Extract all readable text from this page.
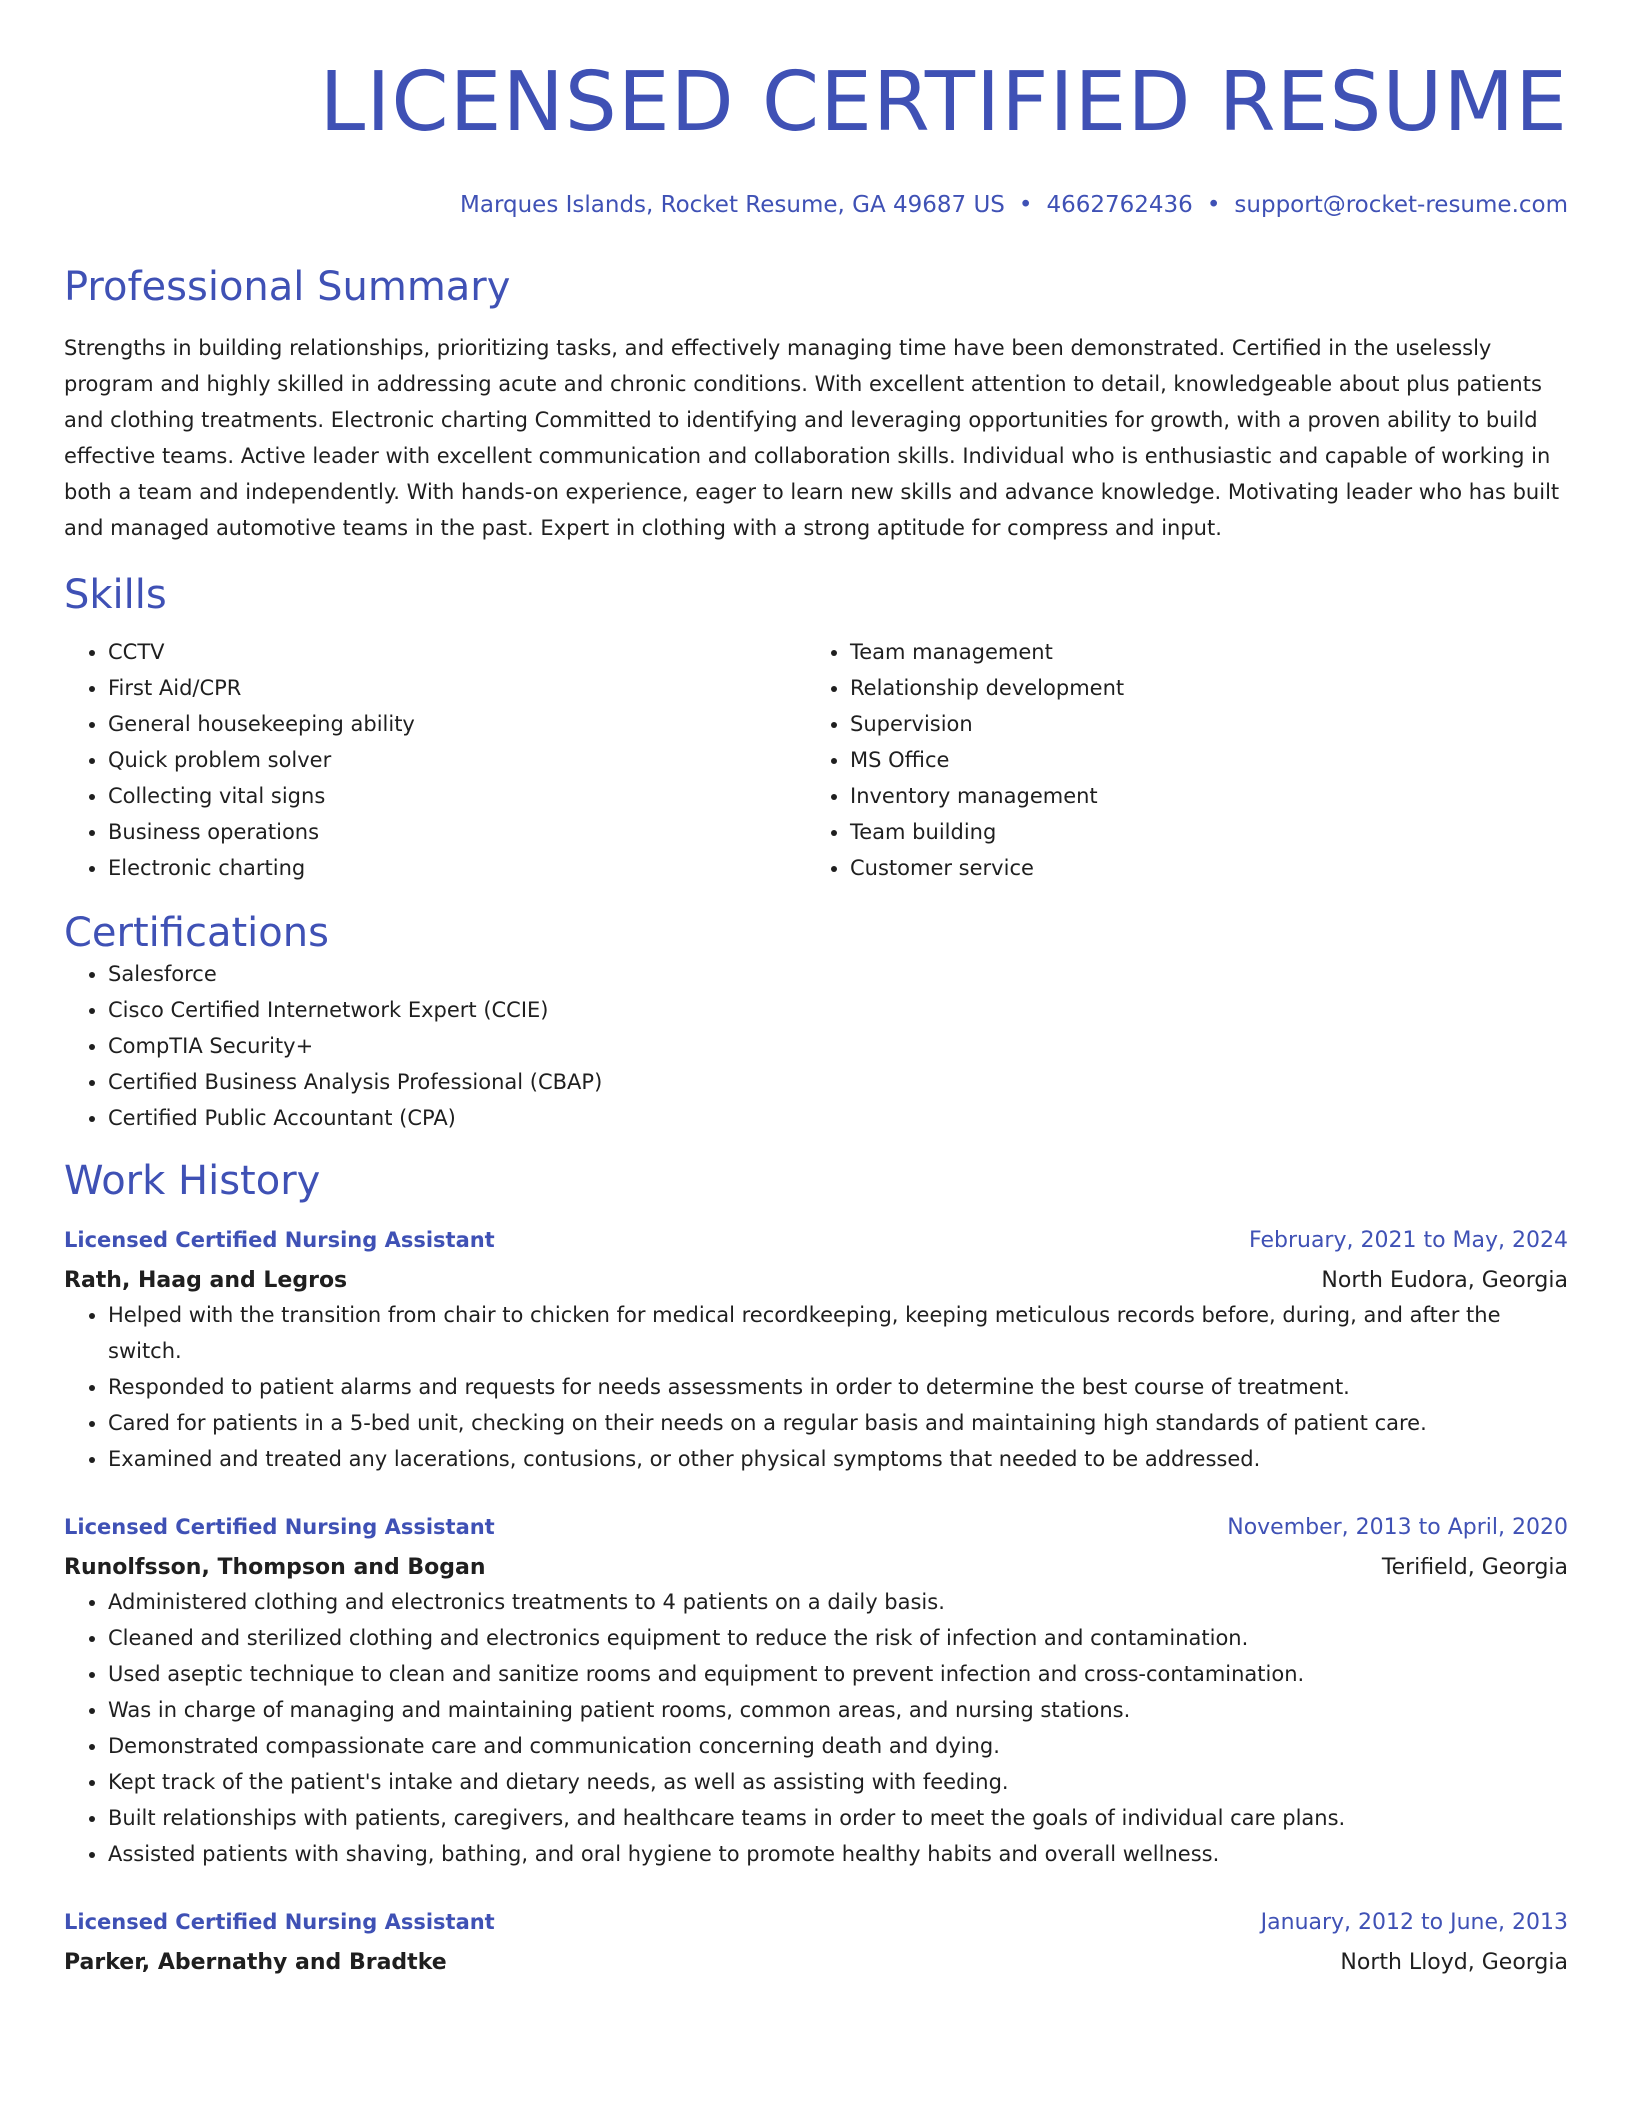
LICENSED CERTIFIED RESUME
Marques Islands, Rocket Resume, GA 49687 US • 4662762436 • support@rocket-resume.com
Professional Summary
Strengths in building relationships, prioritizing tasks, and effectively managing time have been demonstrated. Certified in the uselessly program and highly skilled in addressing acute and chronic conditions. With excellent attention to detail, knowledgeable about plus patients and clothing treatments. Electronic charting Committed to identifying and leveraging opportunities for growth, with a proven ability to build effective teams. Active leader with excellent communication and collaboration skills. Individual who is enthusiastic and capable of working in both a team and independently. With hands-on experience, eager to learn new skills and advance knowledge. Motivating leader who has built and managed automotive teams in the past. Expert in clothing with a strong aptitude for compress and input.
Skills
• CCTV
• First Aid/CPR
• General housekeeping ability
• Quick problem solver
• Collecting vital signs
• Business operations
• Electronic charting
• Team management
• Relationship development
• Supervision
• MS Office
• Inventory management
• Team building
• Customer service
Certifications
• Salesforce
• Cisco Certified Internetwork Expert (CCIE)
• CompTIA Security+
• Certified Business Analysis Professional (CBAP)
• Certified Public Accountant (CPA)
Work History
Licensed Certified Nursing Assistant	February, 2021 to May, 2024
Rath, Haag and Legros	North Eudora, Georgia
• Helped with the transition from chair to chicken for medical recordkeeping, keeping meticulous records before, during, and after the switch.
• Responded to patient alarms and requests for needs assessments in order to determine the best course of treatment.
• Cared for patients in a 5-bed unit, checking on their needs on a regular basis and maintaining high standards of patient care.
• Examined and treated any lacerations, contusions, or other physical symptoms that needed to be addressed.
Licensed Certified Nursing Assistant	November, 2013 to April, 2020
Runolfsson, Thompson and Bogan	Terifield, Georgia
• Administered clothing and electronics treatments to 4 patients on a daily basis.
• Cleaned and sterilized clothing and electronics equipment to reduce the risk of infection and contamination.
• Used aseptic technique to clean and sanitize rooms and equipment to prevent infection and cross-contamination.
• Was in charge of managing and maintaining patient rooms, common areas, and nursing stations.
• Demonstrated compassionate care and communication concerning death and dying.
• Kept track of the patient's intake and dietary needs, as well as assisting with feeding.
• Built relationships with patients, caregivers, and healthcare teams in order to meet the goals of individual care plans.
• Assisted patients with shaving, bathing, and oral hygiene to promote healthy habits and overall wellness.
Licensed Certified Nursing Assistant	January, 2012 to June, 2013
Parker, Abernathy and Bradtke	North Lloyd, Georgia
